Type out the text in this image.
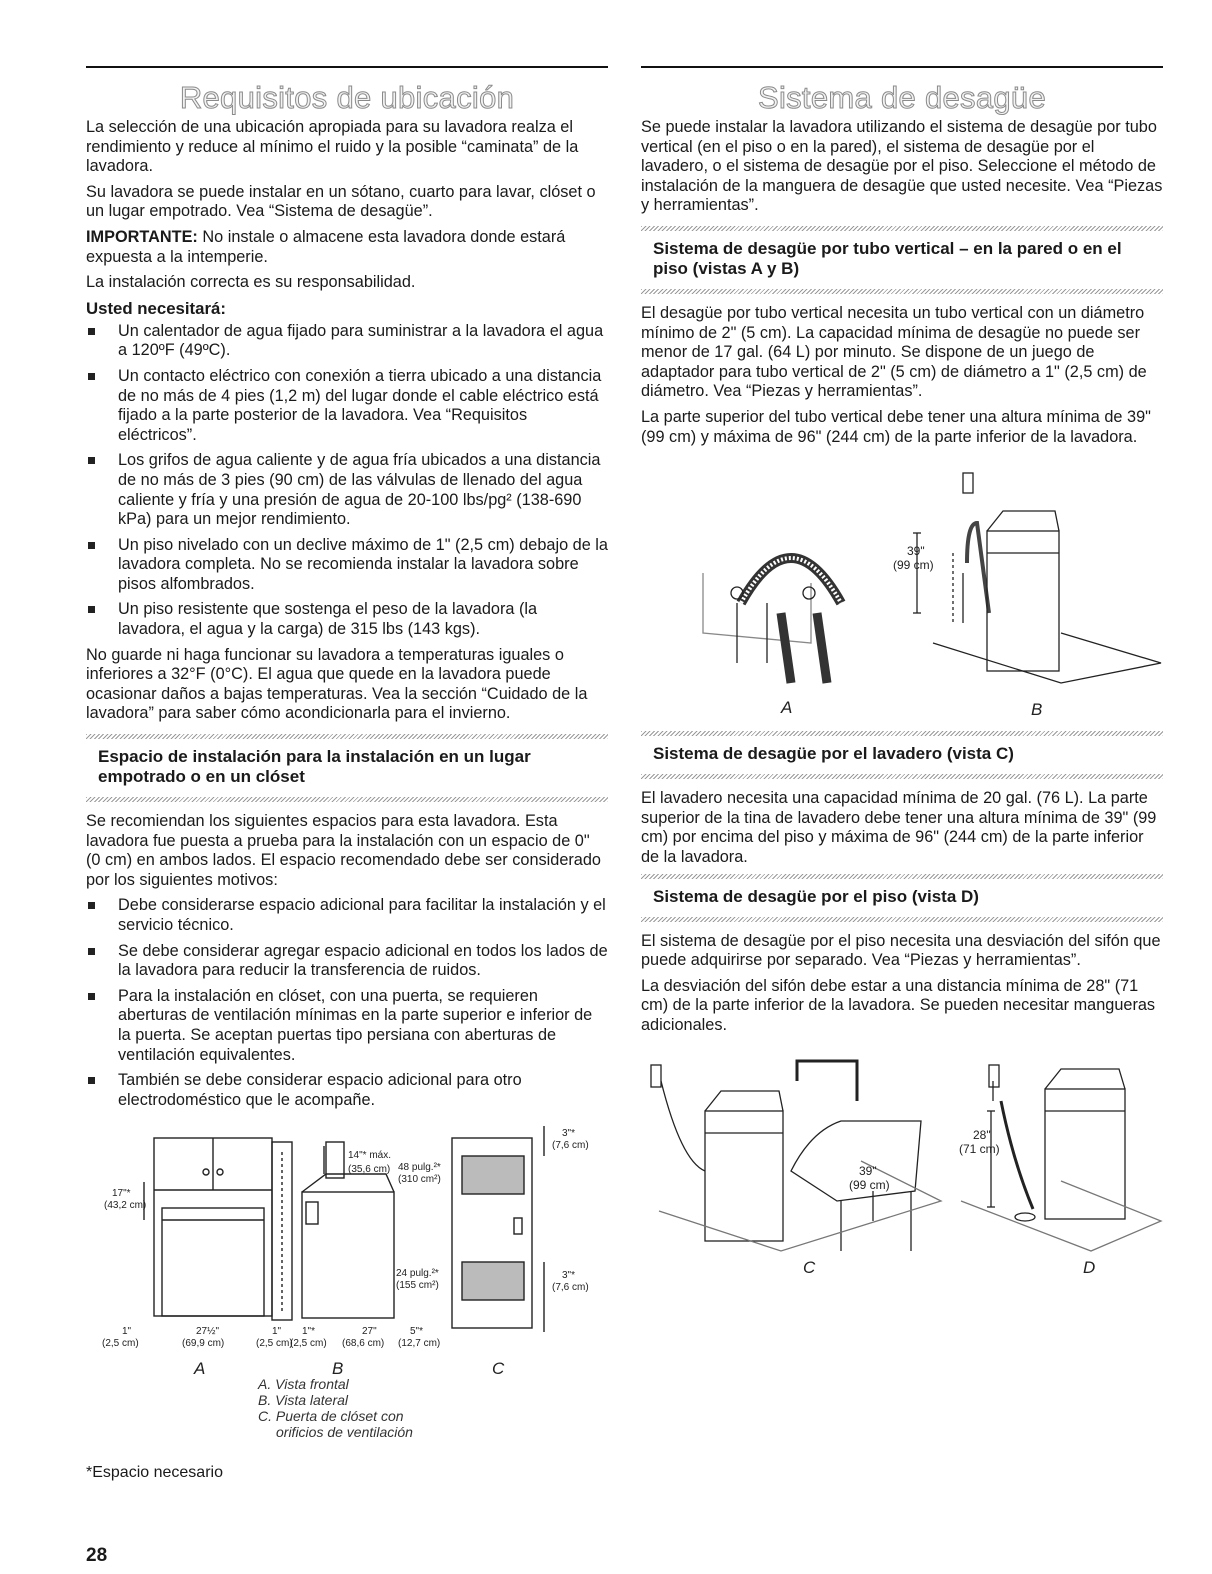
Requisitos de ubicación

La selección de una ubicación apropiada para su lavadora realza el rendimiento y reduce al mínimo el ruido y la posible “caminata” de la lavadora.

Su lavadora se puede instalar en un sótano, cuarto para lavar, clóset o un lugar empotrado. Vea “Sistema de desagüe”.

IMPORTANTE: No instale o almacene esta lavadora donde estará expuesta a la intemperie.

La instalación correcta es su responsabilidad.

Usted necesitará:
Un calentador de agua fijado para suministrar a la lavadora el agua a 120ºF (49ºC).
Un contacto eléctrico con conexión a tierra ubicado a una distancia de no más de 4 pies (1,2 m) del lugar donde el cable eléctrico está fijado a la parte posterior de la lavadora. Vea “Requisitos eléctricos”.
Los grifos de agua caliente y de agua fría ubicados a una distancia de no más de 3 pies (90 cm) de las válvulas de llenado del agua caliente y fría y una presión de agua de 20-100 lbs/pg² (138-690 kPa) para un mejor rendimiento.
Un piso nivelado con un declive máximo de 1" (2,5 cm) debajo de la lavadora completa. No se recomienda instalar la lavadora sobre pisos alfombrados.
Un piso resistente que sostenga el peso de la lavadora (la lavadora, el agua y la carga) de 315 lbs (143 kgs).

No guarde ni haga funcionar su lavadora a temperaturas iguales o inferiores a 32°F (0°C). El agua que quede en la lavadora puede ocasionar daños a bajas temperaturas. Vea la sección “Cuidado de la lavadora” para saber cómo acondicionarla para el invierno.

Espacio de instalación para la instalación en un lugar empotrado o en un clóset

Se recomiendan los siguientes espacios para esta lavadora. Esta lavadora fue puesta a prueba para la instalación con un espacio de 0" (0 cm) en ambos lados. El espacio recomendado debe ser considerado por los siguientes motivos:

Debe considerarse espacio adicional para facilitar la instalación y el servicio técnico.
Se debe considerar agregar espacio adicional en todos los lados de la lavadora para reducir la transferencia de ruidos.
Para la instalación en clóset, con una puerta, se requieren aberturas de ventilación mínimas en la parte superior e inferior de la puerta. Se aceptan puertas tipo persiana con aberturas de ventilación equivalentes.
También se debe considerar espacio adicional para otro electrodoméstico que le acompañe.
17"*
(43,2 cm)
1"
(2,5 cm)
27½"
(69,9 cm)
1"
(2,5 cm)
14"* máx.
(35,6 cm) 48 pulg.²*
(310 cm²)
24 pulg.²*
(155 cm²)
1"*
(2,5 cm)
27"
(68,6 cm)
5"*
(12,7 cm)
3"*
(7,6 cm)
3"*
(7,6 cm)
A	B	C
A. Vista frontal
B. Vista lateral
C. Puerta de clóset con
orificios de ventilación
*Espacio necesario
28
Sistema de desagüe

Se puede instalar la lavadora utilizando el sistema de desagüe por tubo vertical (en el piso o en la pared), el sistema de desagüe por el lavadero, o el sistema de desagüe por el piso. Seleccione el método de instalación de la manguera de desagüe que usted necesite. Vea “Piezas y herramientas”.

Sistema de desagüe por tubo vertical – en la pared o en el piso (vistas A y B)

El desagüe por tubo vertical necesita un tubo vertical con un diámetro mínimo de 2" (5 cm). La capacidad mínima de desagüe no puede ser menor de 17 gal. (64 L) por minuto. Se dispone de un juego de adaptador para tubo vertical de 2" (5 cm) de diámetro a 1" (2,5 cm) de diámetro. Vea “Piezas y herramientas”.

La parte superior del tubo vertical debe tener una altura mínima de 39" (99 cm) y máxima de 96" (244 cm) de la parte inferior de la lavadora.

39"
(99 cm)
A	B
Sistema de desagüe por el lavadero (vista C)

El lavadero necesita una capacidad mínima de 20 gal. (76 L). La parte superior de la tina de lavadero debe tener una altura mínima de 39" (99 cm) por encima del piso y máxima de 96" (244 cm) de la parte inferior de la lavadora.

Sistema de desagüe por el piso (vista D)

El sistema de desagüe por el piso necesita una desviación del sifón que puede adquirirse por separado. Vea “Piezas y herramientas”.

La desviación del sifón debe estar a una distancia mínima de 28" (71 cm) de la parte inferior de la lavadora. Se pueden necesitar mangueras adicionales.

39"
(99 cm)
28"
(71 cm)
C	D
